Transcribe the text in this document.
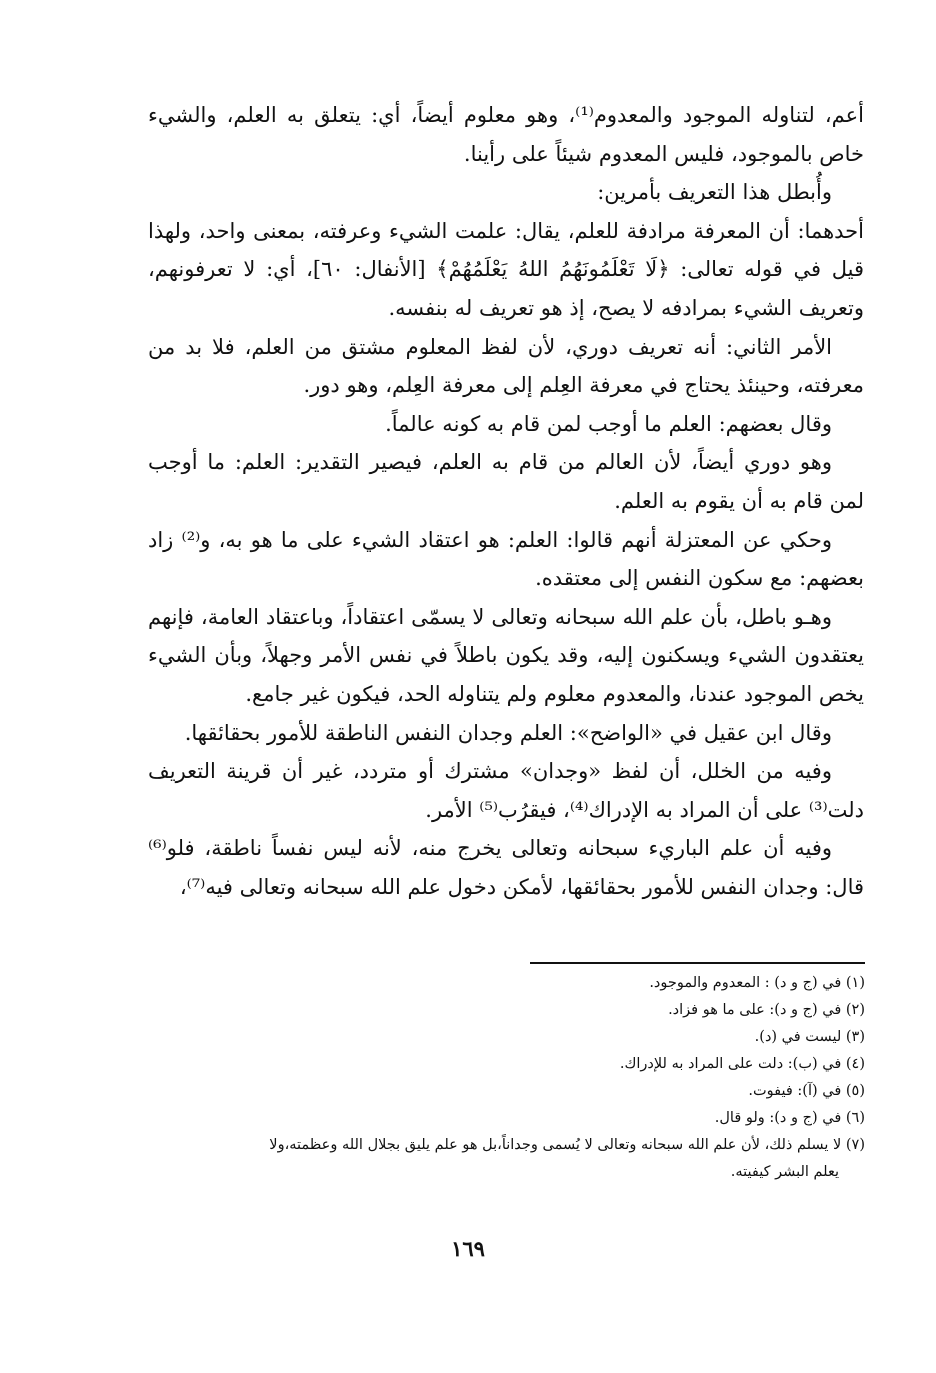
أعم، لتناوله الموجود والمعدوم⁽¹⁾، وهو معلوم أيضاً، أي: يتعلق به العلم، والشيء خاص بالموجود، فليس المعدوم شيئاً على رأينا.

وأُبطل هذا التعريف بأمرين:

أحدهما: أن المعرفة مرادفة للعلم، يقال: علمت الشيء وعرفته، بمعنى واحد، ولهذا قيل في قوله تعالى: ﴿لَا تَعْلَمُونَهُمُ اللهُ يَعْلَمُهُمْ﴾ [الأنفال: ٦٠]، أي: لا تعرفونهم، وتعريف الشيء بمرادفه لا يصح، إذ هو تعريف له بنفسه.

الأمر الثاني: أنه تعريف دوري، لأن لفظ المعلوم مشتق من العلم، فلا بد من معرفته، وحينئذ يحتاج في معرفة العِلم إلى معرفة العِلم، وهو دور.

وقال بعضهم: العلم ما أوجب لمن قام به كونه عالماً.

وهو دوري أيضاً، لأن العالم من قام به العلم، فيصير التقدير: العلم: ما أوجب لمن قام به أن يقوم به العلم.

وحكي عن المعتزلة أنهم قالوا: العلم: هو اعتقاد الشيء على ما هو به، و⁽²⁾ زاد بعضهم: مع سكون النفس إلى معتقده.

وهـو باطل، بأن علم الله سبحانه وتعالى لا يسمّى اعتقاداً، وباعتقاد العامة، فإنهم يعتقدون الشيء ويسكنون إليه، وقد يكون باطلاً في نفس الأمر وجهلاً، وبأن الشيء يخص الموجود عندنا، والمعدوم معلوم ولم يتناوله الحد، فيكون غير جامع.

وقال ابن عقيل في «الواضح»: العلم وجدان النفس الناطقة للأمور بحقائقها.

وفيه من الخلل، أن لفظ «وجدان» مشترك أو متردد، غير أن قرينة التعريف دلت⁽³⁾ على أن المراد به الإدراك⁽⁴⁾، فيقرُب⁽⁵⁾ الأمر.

وفيه أن علم الباريء سبحانه وتعالى يخرج منه، لأنه ليس نفساً ناطقة، فلو⁽⁶⁾ قال: وجدان النفس للأمور بحقائقها، لأمكن دخول علم الله سبحانه وتعالى فيه⁽⁷⁾،

(١) في (ج و د) : المعدوم والموجود.
(٢) في (ج و د): على ما هو فزاد.
(٣) ليست في (د).
(٤) في (ب): دلت على المراد به للإدراك.
(٥) في (آ): فيفوت.
(٦) في (ج و د): ولو قال.
(٧) لا يسلم ذلك، لأن علم الله سبحانه وتعالى لا يُسمى وجداناً،بل هو علم يليق بجلال الله وعظمته،ولا
يعلم البشر كيفيته.
١٦٩
